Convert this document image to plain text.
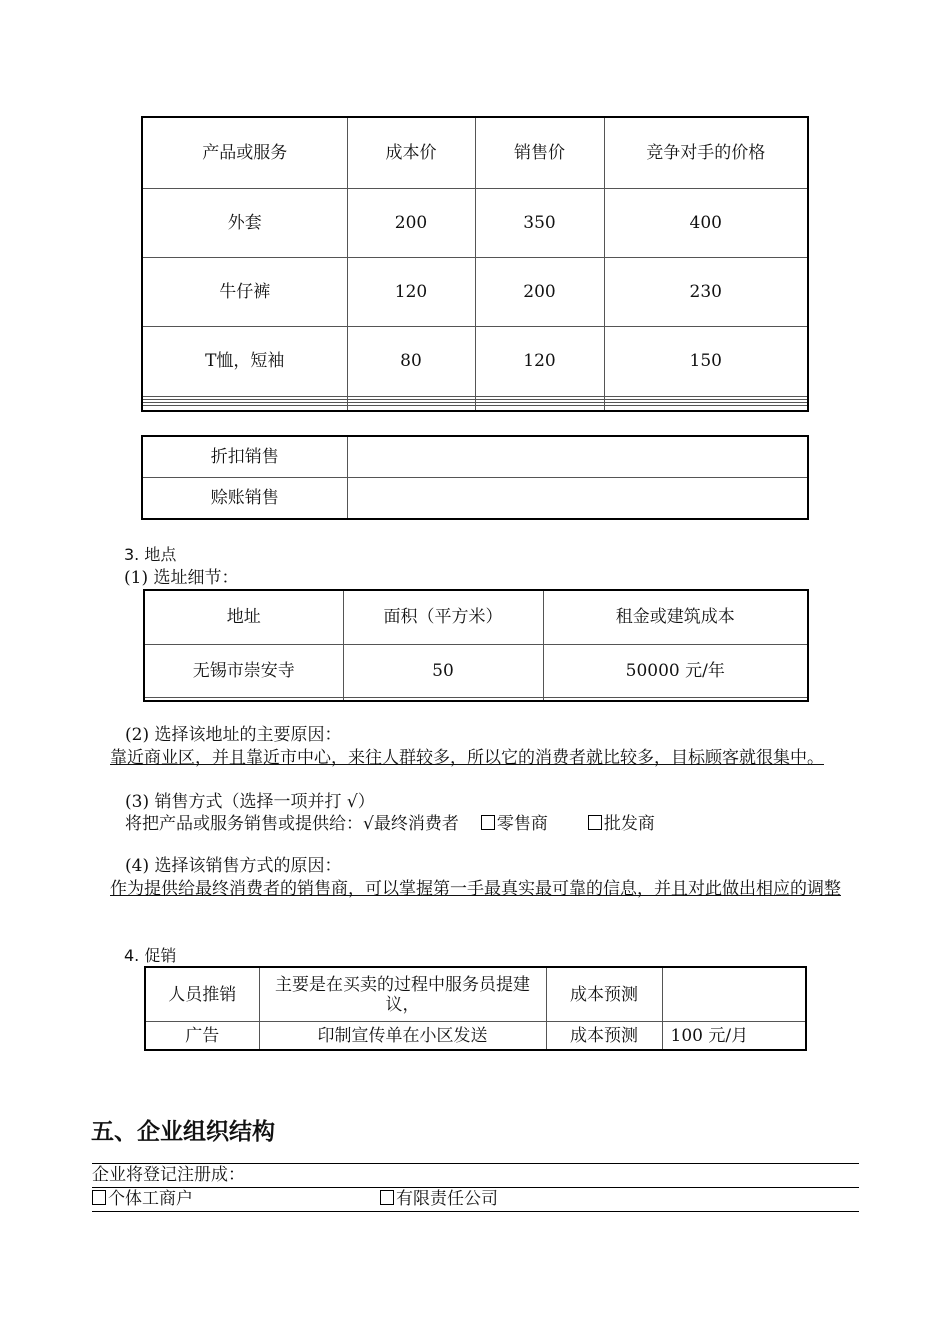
产品或服务	成本价	销售价	竞争对手的价格
外套	200	350	400
牛仔裤	120	200	230
T恤，短袖	80	120	150

折扣销售	
赊账销售	
3. 地点
(1) 选址细节：
地址	面积（平方米）	租金或建筑成本
无锡市崇安寺	50	50000 元/年

(2) 选择该地址的主要原因：
靠近商业区，并且靠近市中心，来往人群较多，所以它的消费者就比较多，目标顾客就很集中。
(3) 销售方式（选择一项并打 √）
将把产品或服务销售或提供给：√最终消费者 零售商	批发商
(4) 选择该销售方式的原因：
作为提供给最终消费者的销售商，可以掌握第一手最真实最可靠的信息，并且对此做出相应的调整
4. 促销
人员推销	主要是在买卖的过程中服务员提建议，	成本预测	
广告	印制宣传单在小区发送	成本预测	100 元/月
五、企业组织结构
企业将登记注册成：
个体工商户	有限责任公司
